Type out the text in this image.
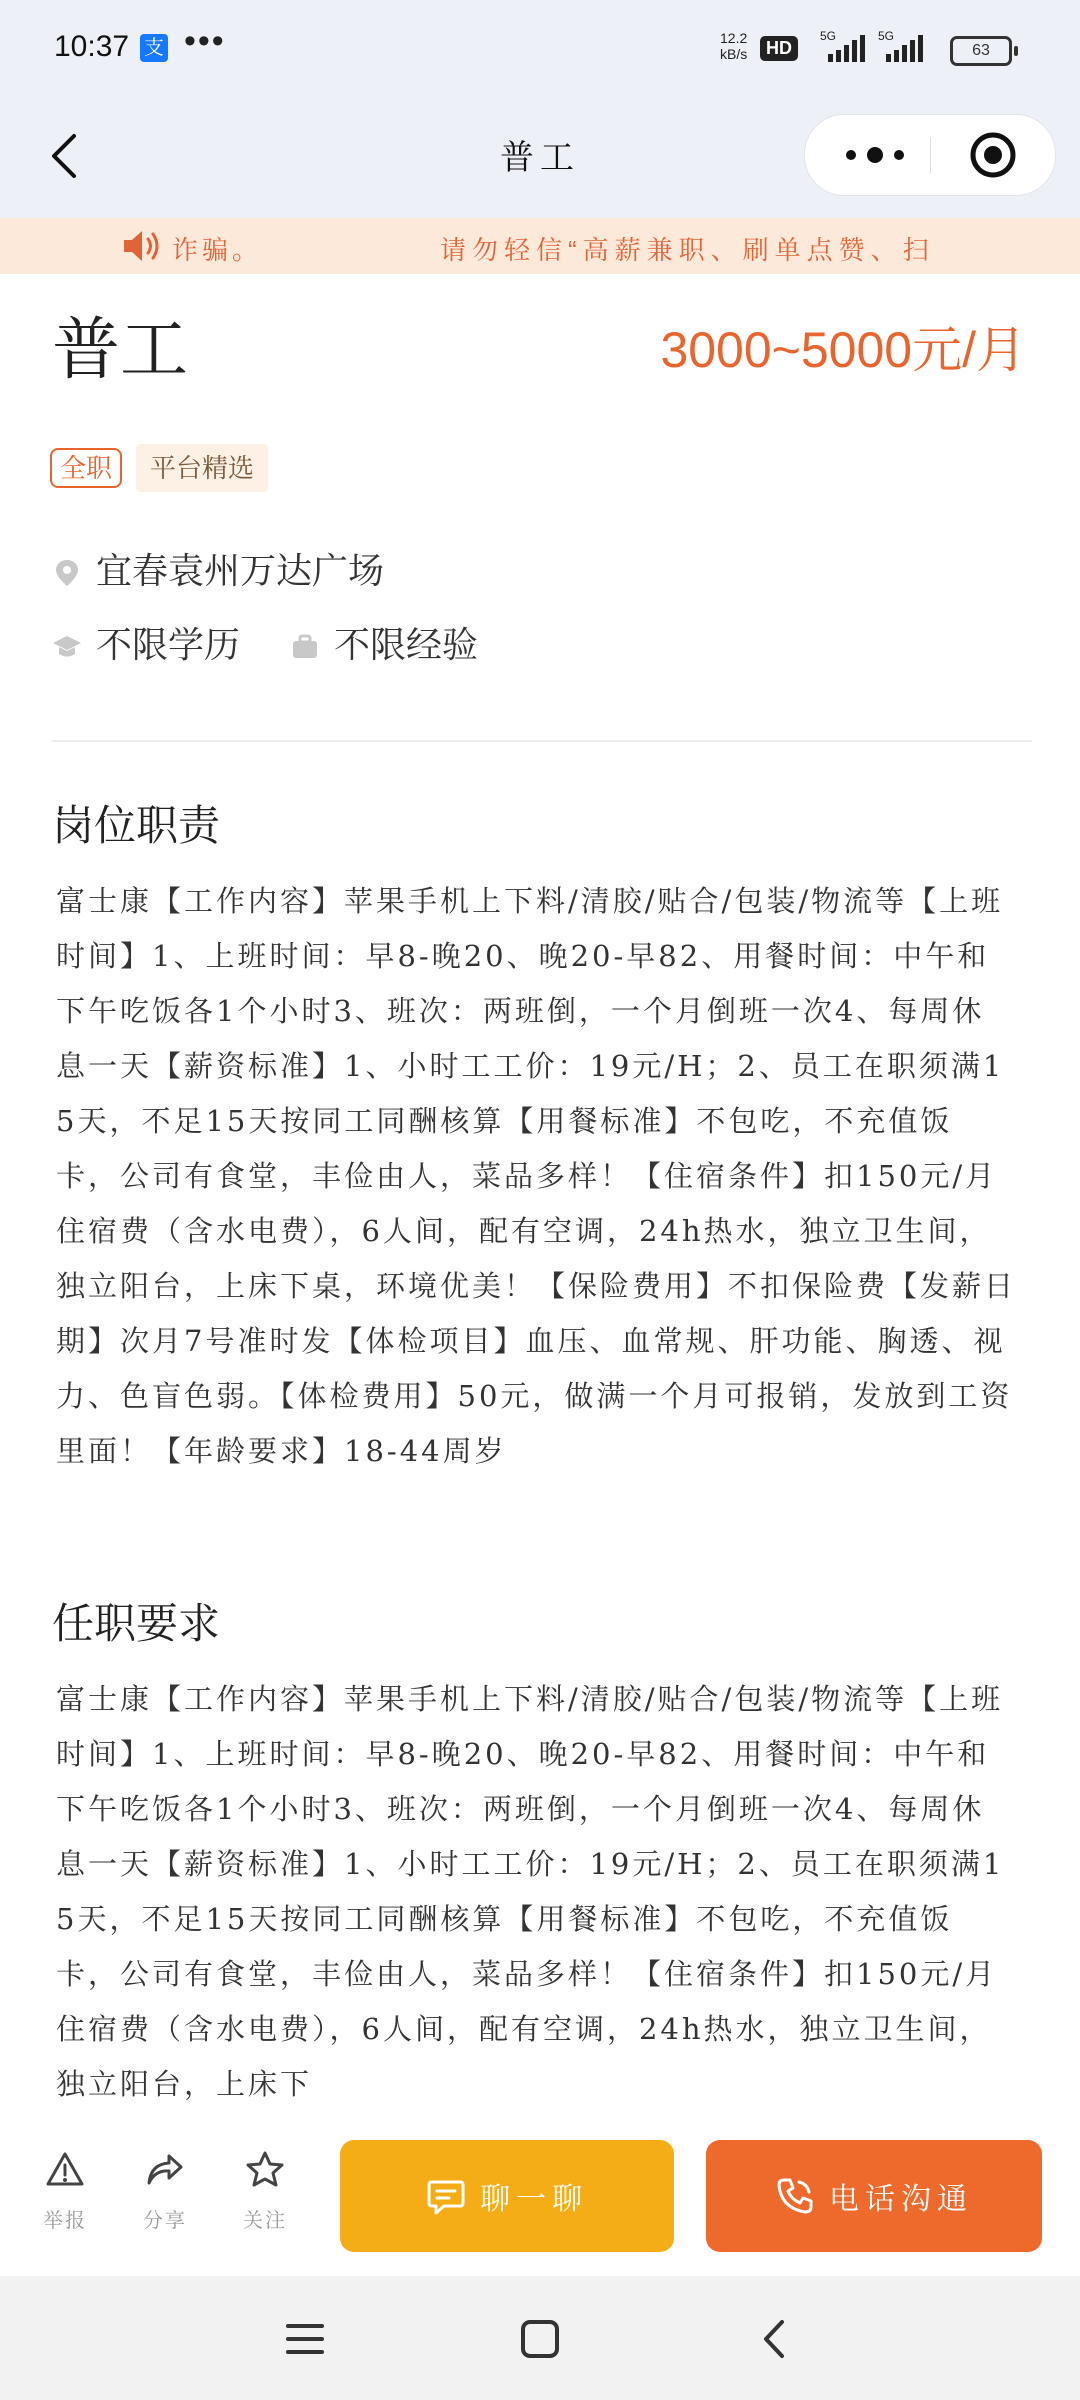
10:37 支 •••	12.2
kB/s	HD
5G	5G
63
普工
诈骗。	请勿轻信“高薪兼职、刷单点赞、扫
普工	3000~5000元/月
全职	平台精选
宜春袁州万达广场
不限学历	不限经验
岗位职责
富士康【工作内容】苹果手机上下料/清胶/贴合/包装/物流等【上班时间】1、上班时间：早8-晚20、晚20-早82、用餐时间：中午和下午吃饭各1个小时3、班次：两班倒，一个月倒班一次4、每周休息一天【薪资标准】1、小时工工价：19元/H；2、员工在职须满15天，不足15天按同工同酬核算【用餐标准】不包吃，不充值饭卡，公司有食堂，丰俭由人，菜品多样！【住宿条件】扣150元/月住宿费（含水电费），6人间，配有空调，24h热水，独立卫生间，独立阳台，上床下桌，环境优美！【保险费用】不扣保险费【发薪日期】次月7号准时发【体检项目】血压、血常规、肝功能、胸透、视力、色盲色弱。【体检费用】50元，做满一个月可报销，发放到工资里面！【年龄要求】18-44周岁
任职要求
富士康【工作内容】苹果手机上下料/清胶/贴合/包装/物流等【上班时间】1、上班时间：早8-晚20、晚20-早82、用餐时间：中午和下午吃饭各1个小时3、班次：两班倒，一个月倒班一次4、每周休息一天【薪资标准】1、小时工工价：19元/H；2、员工在职须满15天，不足15天按同工同酬核算【用餐标准】不包吃，不充值饭卡，公司有食堂，丰俭由人，菜品多样！【住宿条件】扣150元/月住宿费（含水电费），6人间，配有空调，24h热水，独立卫生间，独立阳台，上床下
举报	分享	关注
聊一聊	电话沟通
